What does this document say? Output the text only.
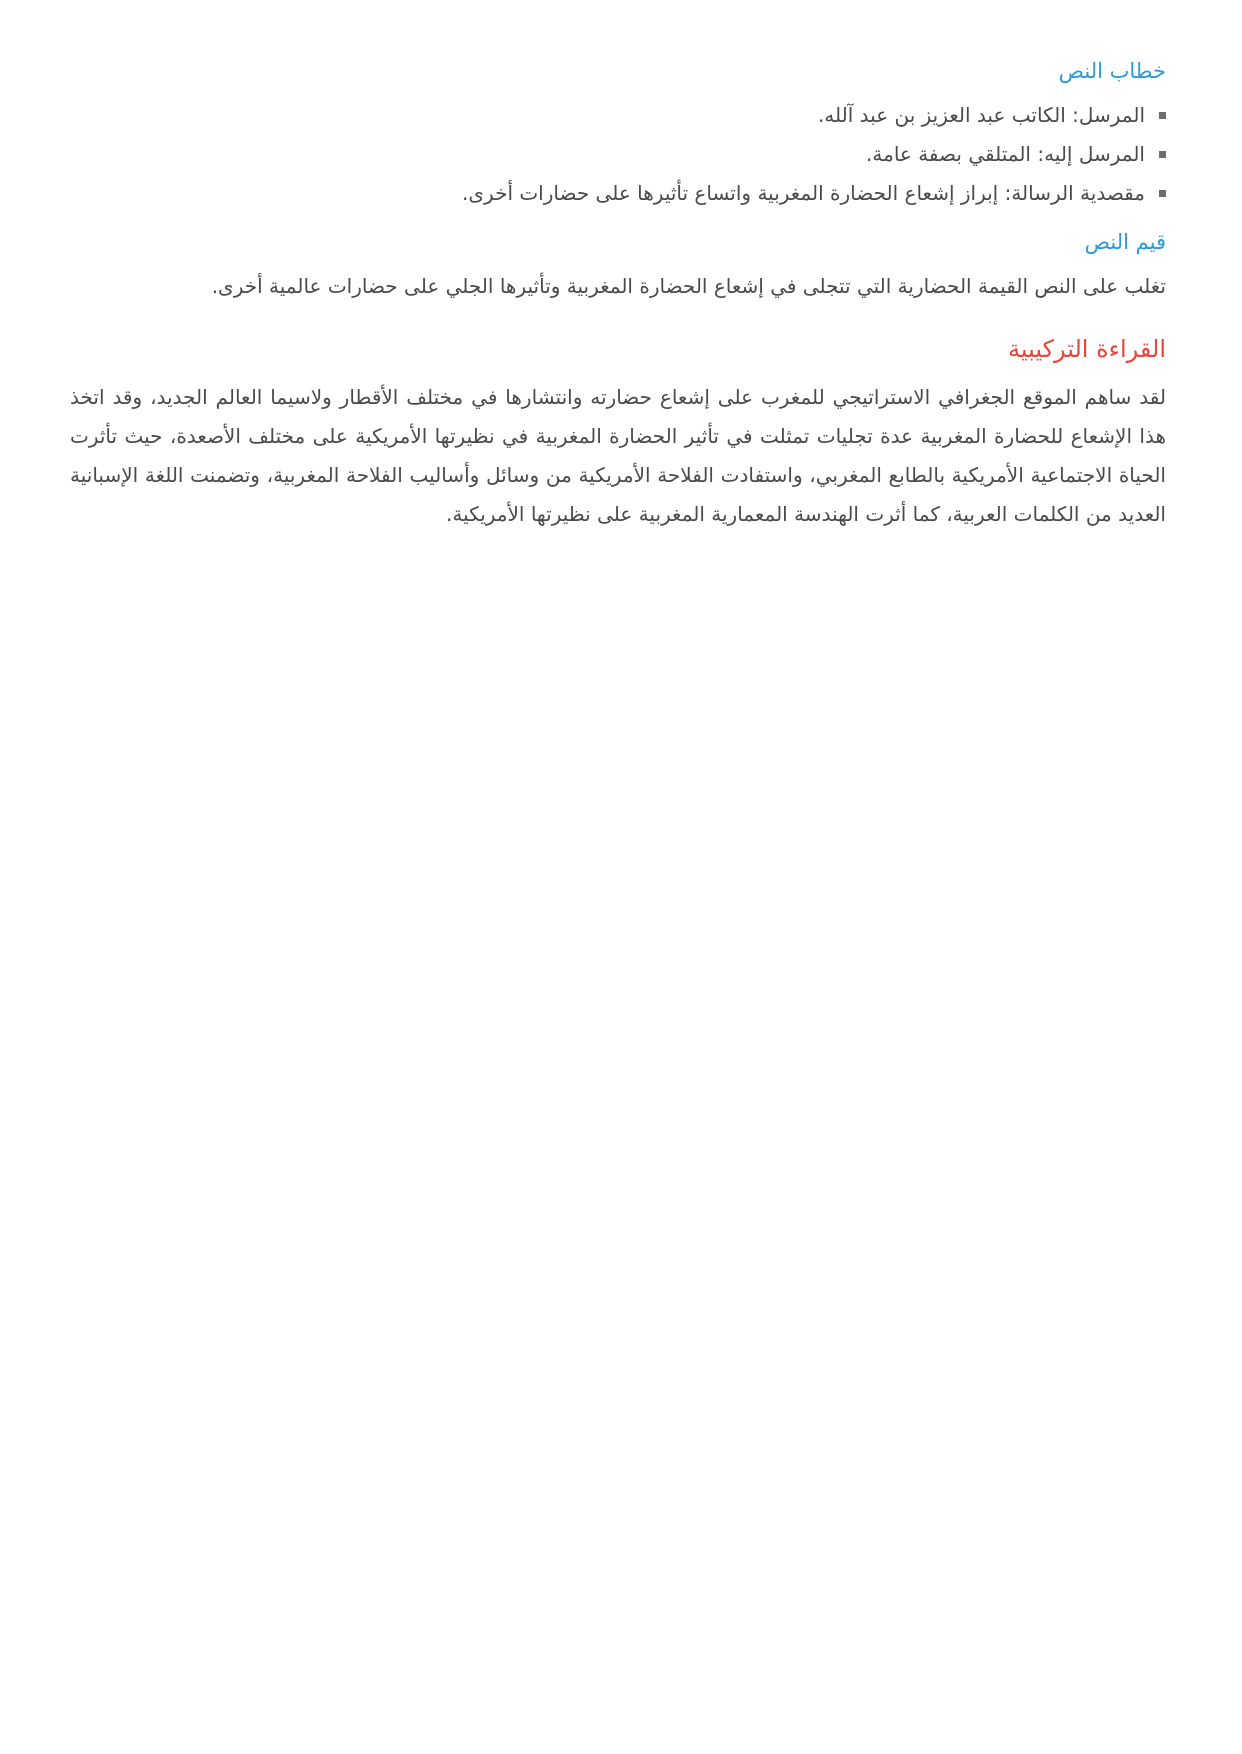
خطاب النص
المرسل: الكاتب عبد العزيز بن عبد آلله.
المرسل إليه: المتلقي بصفة عامة.
مقصدية الرسالة: إبراز إشعاع الحضارة المغربية واتساع تأثيرها على حضارات أخرى.
قيم النص

تغلب على النص القيمة الحضارية التي تتجلى في إشعاع الحضارة المغربية وتأثيرها الجلي على حضارات عالمية أخرى.

القراءة التركيبية

لقد ساهم الموقع الجغرافي الاستراتيجي للمغرب على إشعاع حضارته وانتشارها في مختلف الأقطار ولاسيما العالم الجديد، وقد اتخذ هذا الإشعاع للحضارة المغربية عدة تجليات تمثلت في تأثير الحضارة المغربية في نظيرتها الأمريكية على مختلف الأصعدة، حيث تأثرت الحياة الاجتماعية الأمريكية بالطابع المغربي، واستفادت الفلاحة الأمريكية من وسائل وأساليب الفلاحة المغربية، وتضمنت اللغة الإسبانية العديد من الكلمات العربية، كما أثرت الهندسة المعمارية المغربية على نظيرتها الأمريكية.
